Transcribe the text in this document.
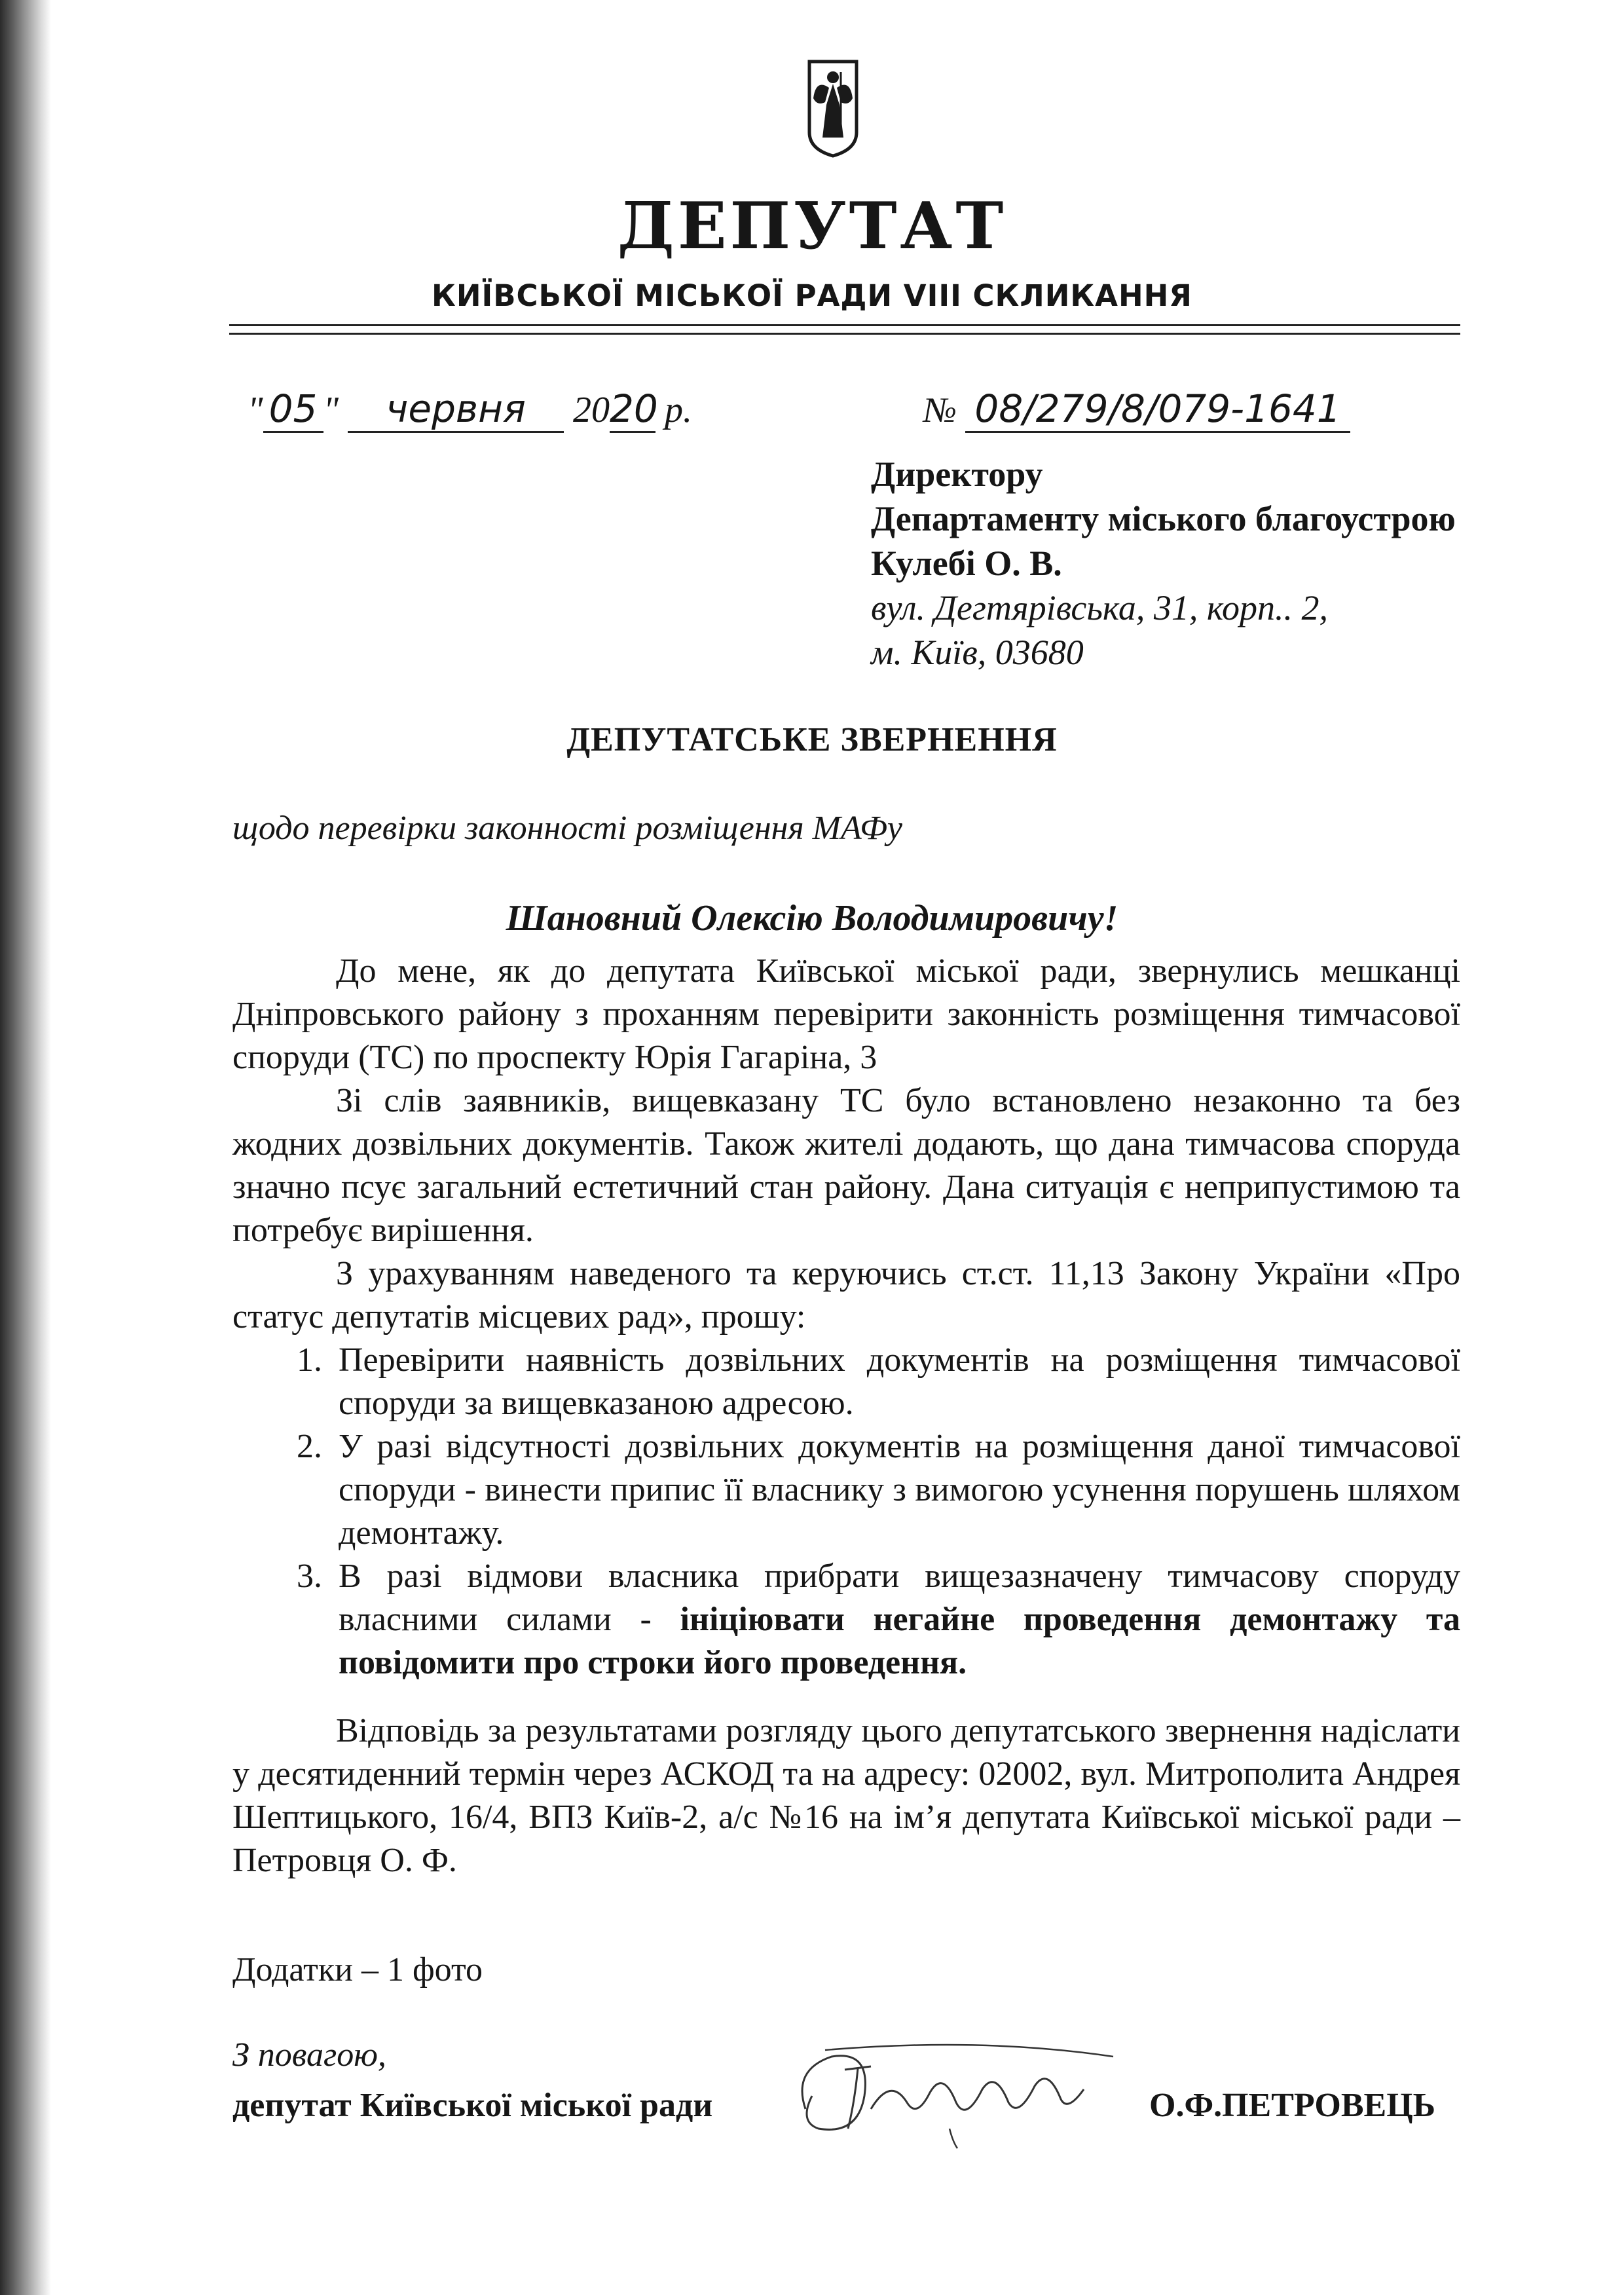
ДЕПУТАТ
КИЇВСЬКОЇ МІСЬКОЇ РАДИ VIII СКЛИКАННЯ
" 05 " червня 2020 р.	№ 08/279/8/079-1641
Директору
Департаменту міського благоустрою
Кулебі О. В.
вул. Дегтярівська, 31, корп.. 2,
м. Київ, 03680
ДЕПУТАТСЬКЕ ЗВЕРНЕННЯ
щодо перевірки законності розміщення МАФу
Шановний Олексію Володимировичу!

До мене, як до депутата Київської міської ради, звернулись мешканці Дніпровського району з проханням перевірити законність розміщення тимчасової споруди (ТС) по проспекту Юрія Гагаріна, 3

Зі слів заявників, вищевказану ТС було встановлено незаконно та без жодних дозвільних документів. Також жителі додають, що дана тимчасова споруда значно псує загальний естетичний стан району. Дана ситуація є неприпустимою та потребує вирішення.

З урахуванням наведеного та керуючись ст.ст. 11,13 Закону України «Про статус депутатів місцевих рад», прошу:

1. Перевірити наявність дозвільних документів на розміщення тимчасової споруди за вищевказаною адресою.
2. У разі відсутності дозвільних документів на розміщення даної тимчасової споруди - винести припис її власнику з вимогою усунення порушень шляхом демонтажу.
3. В разі відмови власника прибрати вищезазначену тимчасову споруду власними силами - ініціювати негайне проведення демонтажу та повідомити про строки його проведення.

Відповідь за результатами розгляду цього депутатського звернення надіслати у десятиденний термін через АСКОД та на адресу: 02002, вул. Митрополита Андрея Шептицького, 16/4, ВПЗ Київ-2, а/с №16 на ім’я депутата Київської міської ради – Петровця О. Ф.

Додатки – 1 фото
З повагою,
депутат Київської міської ради	О.Ф.ПЕТРОВЕЦЬ
